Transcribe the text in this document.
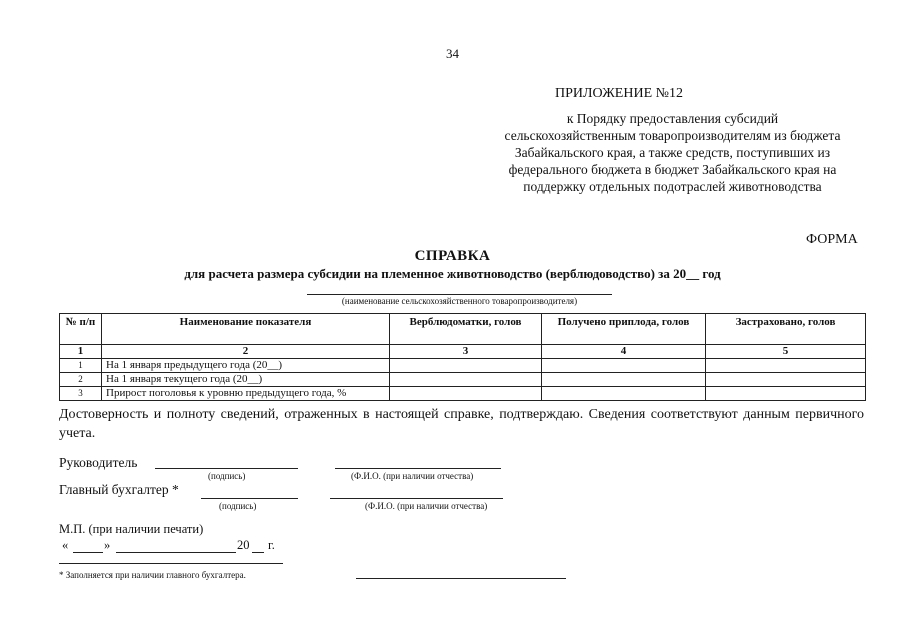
34
ПРИЛОЖЕНИЕ №12
к Порядку предоставления субсидий сельскохозяйственным товаропроизводителям из бюджета Забайкальского края, а также средств, поступивших из федерального бюджета в бюджет Забайкальского края на поддержку отдельных подотраслей животноводства
ФОРМА
СПРАВКА
для расчета размера субсидии на племенное животноводство (верблюдоводство) за 20__ год
(наименование сельскохозяйственного товаропроизводителя)
№ п/п	Наименование показателя	Верблюдоматки, голов	Получено приплода, голов	Застраховано, голов
1	2	3	4	5
1	На 1 января предыдущего года (20__)			
2	На 1 января текущего года (20__)			
3	Прирост поголовья к уровню предыдущего года, %			
Достоверность и полноту сведений, отраженных в настоящей справке, подтверждаю. Сведения соответствуют данным первичного учета.
Руководитель
(подпись)	(Ф.И.О. (при наличии отчества)
Главный бухгалтер *
(подпись)	(Ф.И.О. (при наличии отчества)
М.П. (при наличии печати)
«	»	20 г.
* Заполняется при наличии главного бухгалтера.
